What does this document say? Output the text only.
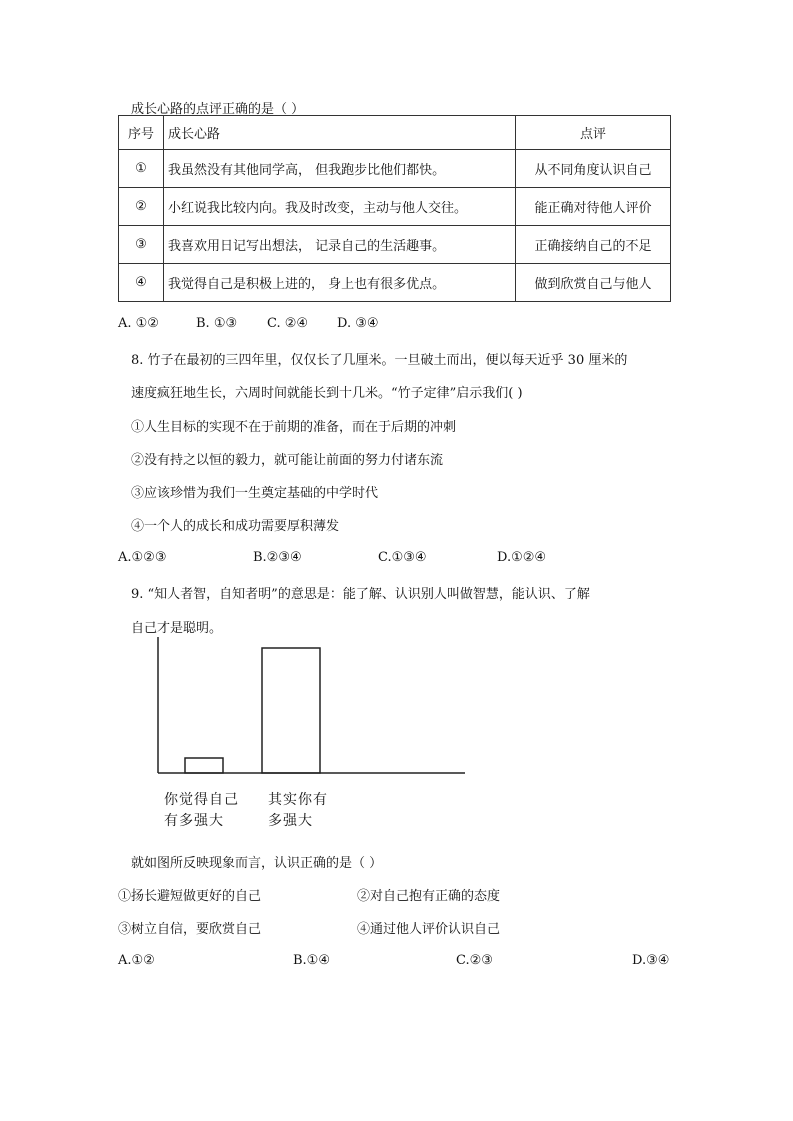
成长心路的点评正确的是（ ）
序号	成长心路	点评
①	我虽然没有其他同学高， 但我跑步比他们都快。	从不同角度认识自己
②	小红说我比较内向。我及时改变，主动与他人交往。	能正确对待他人评价
③	我喜欢用日记写出想法， 记录自己的生活趣事。	正确接纳自己的不足
④	我觉得自己是积极上进的， 身上也有很多优点。	做到欣赏自己与他人
A. ①②	B. ①③ C. ②④ D. ③④
8. 竹子在最初的三四年里，仅仅长了几厘米。一旦破土而出，便以每天近乎 30 厘米的
速度疯狂地生长，六周时间就能长到十几米。“竹子定律”启示我们( )
①人生目标的实现不在于前期的准备，而在于后期的冲刺
②没有持之以恒的毅力，就可能让前面的努力付诸东流
③应该珍惜为我们一生奠定基础的中学时代
④一个人的成长和成功需要厚积薄发
A.①②③	B.②③④	C.①③④	D.①②④
9. “知人者智，自知者明”的意思是：能了解、认识别人叫做智慧，能认识、了解
自己才是聪明。
你觉得自己
有多强大
其实你有
多强大
就如图所反映现象而言，认识正确的是（ ）
①扬长避短做更好的自己	②对自己抱有正确的态度
③树立自信，要欣赏自己	④通过他人评价认识自己
A.①②	B.①④	C.②③	D.③④
